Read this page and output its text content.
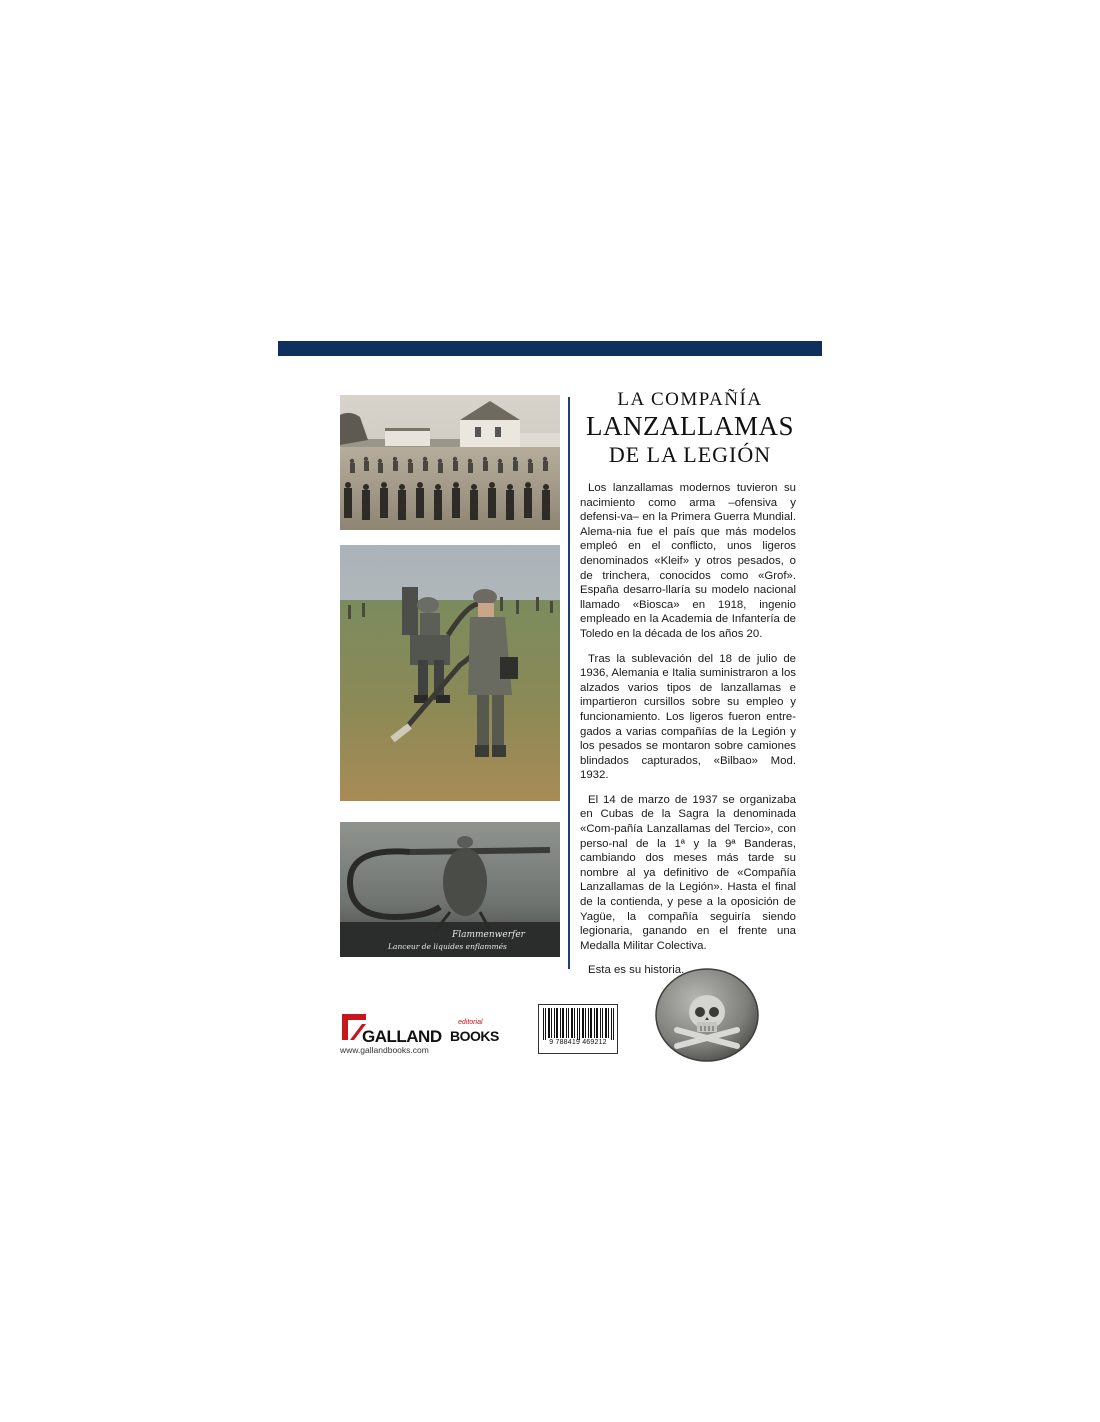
Flammenwerfer
Lanceur de liquides enflammés
LA COMPAÑÍA
LANZALLAMAS
DE LA LEGIÓN

Los lanzallamas modernos tuvieron su nacimiento como arma –ofensiva y defensi-va– en la Primera Guerra Mundial. Alema-nia fue el país que más modelos empleó en el conflicto, unos ligeros denominados «Kleif» y otros pesados, o de trinchera, conocidos como «Grof». España desarro-llaría su modelo nacional llamado «Biosca» en 1918, ingenio empleado en la Academia de Infantería de Toledo en la década de los años 20.

Tras la sublevación del 18 de julio de 1936, Alemania e Italia suministraron a los alzados varios tipos de lanzallamas e impartieron cursillos sobre su empleo y funcionamiento. Los ligeros fueron entre-gados a varias compañías de la Legión y los pesados se montaron sobre camiones blindados capturados, «Bilbao» Mod. 1932.

El 14 de marzo de 1937 se organizaba en Cubas de la Sagra la denominada «Com-pañía Lanzallamas del Tercio», con perso-nal de la 1ª y la 9ª Banderas, cambiando dos meses más tarde su nombre al ya definitivo de «Compañía Lanzallamas de la Legión». Hasta el final de la contienda, y pese a la oposición de Yagüe, la compañía seguiría siendo legionaria, ganando en el frente una Medalla Militar Colectiva.

Esta es su historia.

GALLAND
editorial
BOOKS
www.gallandbooks.com
9 788419 469212
